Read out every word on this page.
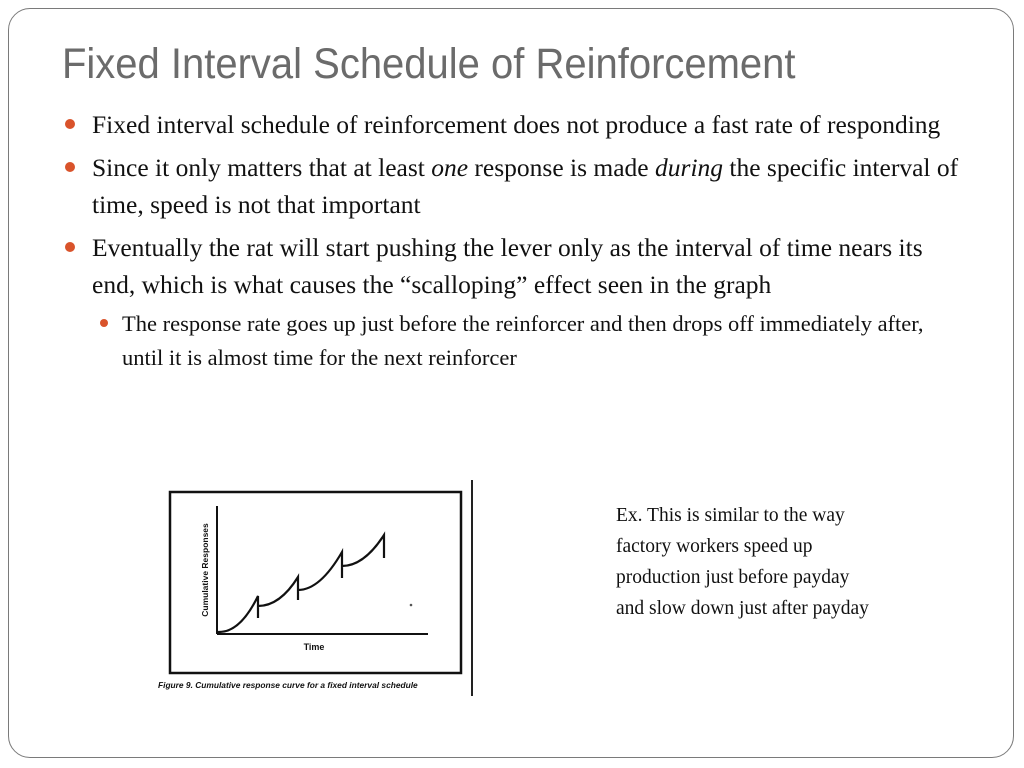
Fixed Interval Schedule of Reinforcement
Fixed interval schedule of reinforcement does not produce a fast rate of responding
Since it only matters that at least one response is made during the specific interval of time, speed is not that important
Eventually the rat will start pushing the lever only as the interval of time nears its end, which is what causes the “scalloping” effect seen in the graph
The response rate goes up just before the reinforcer and then drops off immediately after, until it is almost time for the next reinforcer
Cumulative Responses
Time
Figure 9. Cumulative response curve for a fixed interval schedule
Ex. This is similar to the way
factory workers speed up
production just before payday
and slow down just after payday
